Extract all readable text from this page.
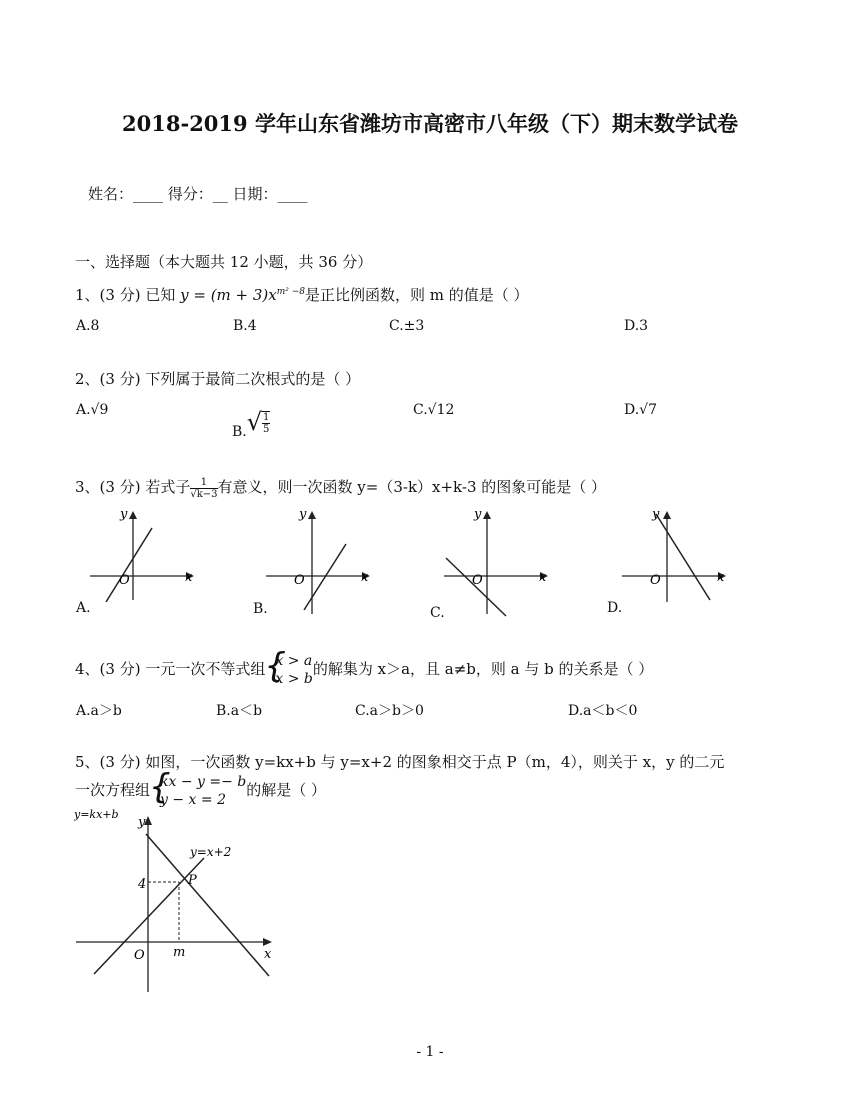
2018-2019 学年山东省潍坊市高密市八年级（下）期末数学试卷
姓名：____ 得分：__ 日期：____
一、选择题（本大题共 12 小题，共 36 分）
1、(3 分) 已知 $y = (m + 3)x^{m^2 -8}$是正比例函数，则 m 的值是（ ）
A.8	B.4	C.±3	D.3
2、(3 分) 下列属于最简二次根式的是（ ）
A.√9
$B.√ \frac{1}{5}$
C.√12	D.√7
3、(3 分) 若式子 $\frac{1}{√k-3}$ 有意义，则一次函数 y=（3-k）x+k-3 的图象可能是（ ）
y
x
O
A.
y
x
O
B.
y
x
O
C.
y
x
O
D.
4、(3 分) 一元一次不等式组 { x > a
x > b
的解集为 x＞a，且 a≠b，则 a 与 b 的关系是（ ）
A.a＞b	B.a＜b	C.a＞b＞0	D.a＜b＜0
5、(3 分) 如图，一次函数 y=kx+b 与 y=x+2 的图象相交于点 P（m，4），则关于 x，y 的二元
一次方程组 { kx − y =− b
y − x = 2
的解是（ ）
y=kx+b
y=x+2
y
x
O
P
4
m
- 1 -
